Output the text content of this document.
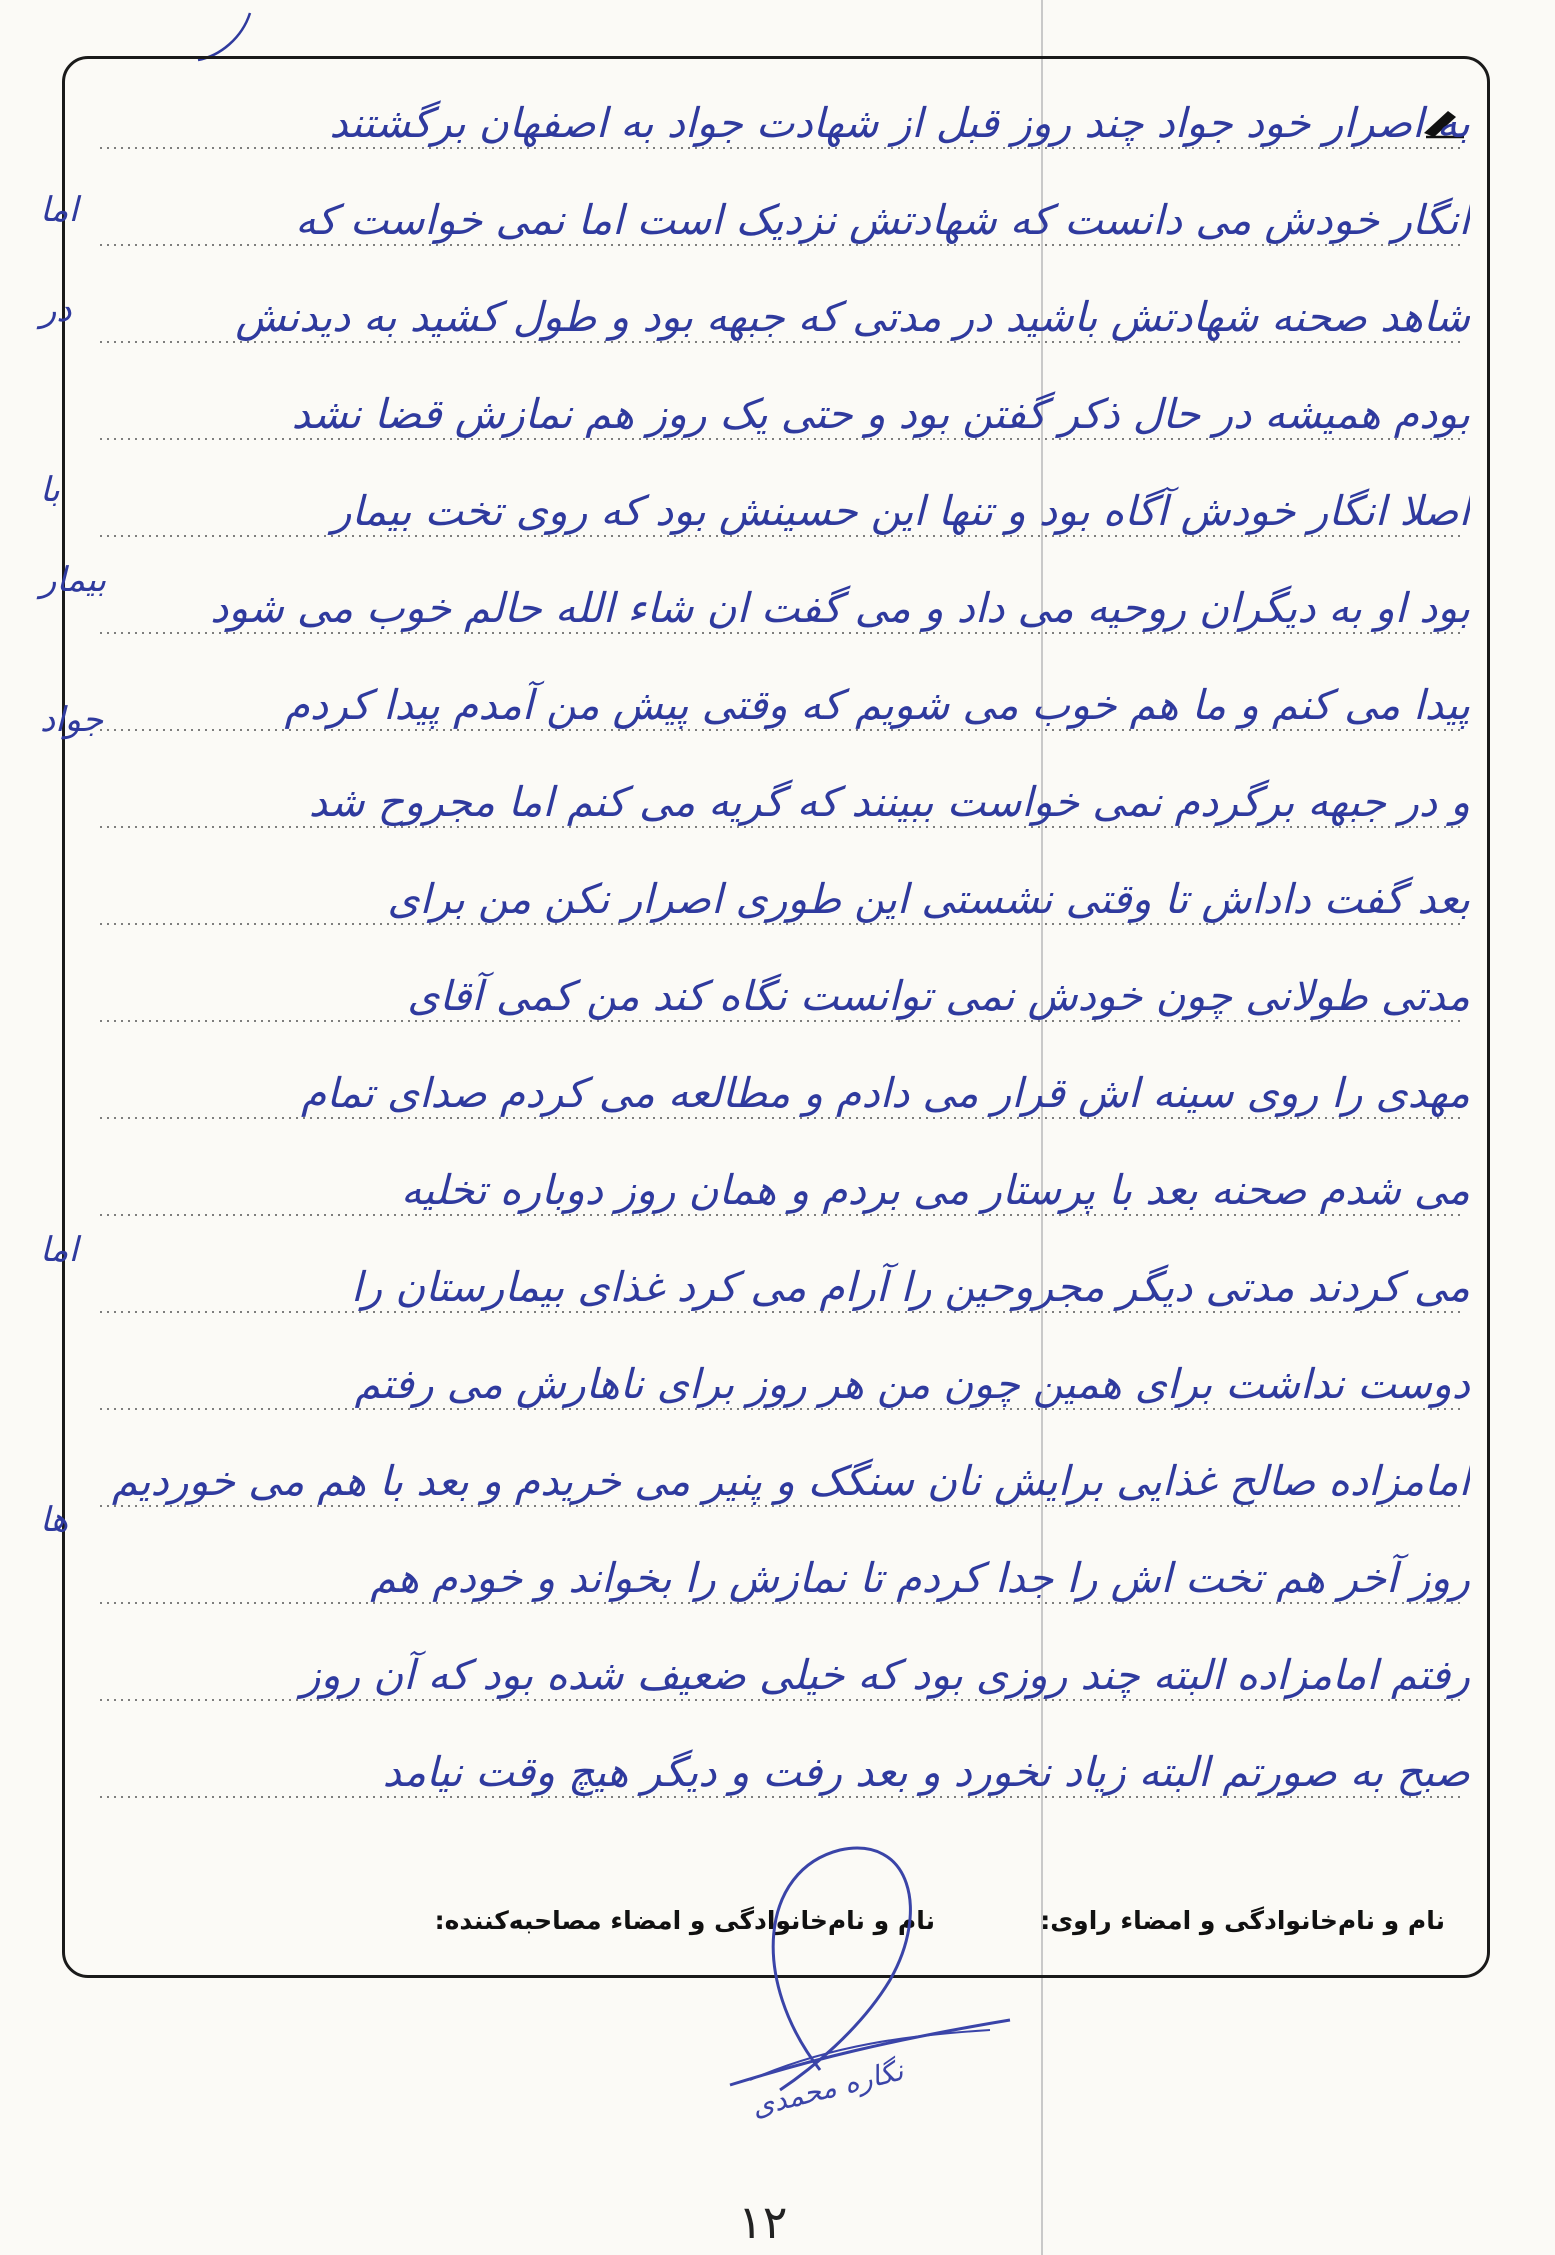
به اصرار خود جواد چند روز قبل از شهادت جواد به اصفهان برگشتند
انگار خودش می دانست که شهادتش نزدیک است اما نمی خواست که
شاهد صحنه شهادتش باشید در مدتی که جبهه بود و طول کشید به دیدنش
بودم همیشه در حال ذکر گفتن بود و حتی یک روز هم نمازش قضا نشد
اصلا انگار خودش آگاه بود و تنها این حسینش بود که روی تخت بیمار
بود او به دیگران روحیه می داد و می گفت ان شاء الله حالم خوب می شود
پیدا می کنم و ما هم خوب می شویم که وقتی پیش من آمدم پیدا کردم
و در جبهه برگردم نمی خواست ببینند که گریه می کنم اما مجروح شد
بعد گفت داداش تا وقتی نشستی این طوری اصرار نکن من برای
مدتی طولانی چون خودش نمی توانست نگاه کند من کمی آقای
مهدی را روی سینه اش قرار می دادم و مطالعه می کردم صدای تمام
می شدم صحنه بعد با پرستار می بردم و همان روز دوباره تخلیه
می کردند مدتی دیگر مجروحین را آرام می کرد غذای بیمارستان را
دوست نداشت برای همین چون من هر روز برای ناهارش می رفتم
امامزاده صالح غذایی برایش نان سنگک و پنیر می خریدم و بعد با هم می خوردیم
روز آخر هم تخت اش را جدا کردم تا نمازش را بخواند و خودم هم
رفتم امامزاده البته چند روزی بود که خیلی ضعیف شده بود که آن روز
صبح به صورتم البته زیاد نخورد و بعد رفت و دیگر هیچ وقت نیامد
اما
در
با
بیمار
جواد
اما
ها
نام و نام‌خانوادگی و امضاء راوی:
نام و نام‌خانوادگی و امضاء مصاحبه‌کننده:
نگاره محمدی
۱۲
